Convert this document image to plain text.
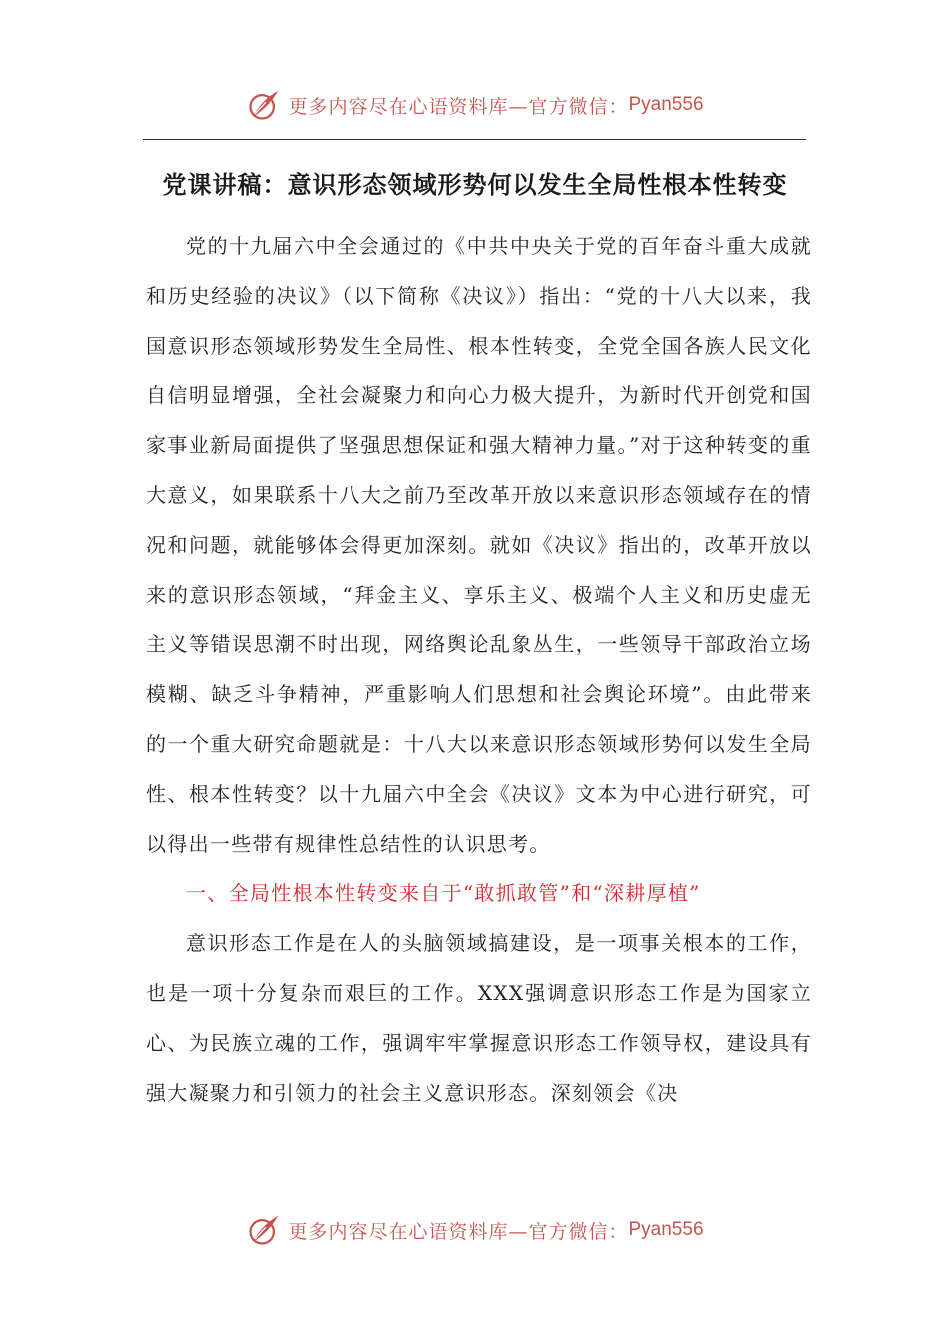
更多内容尽在心语资料库—官方微信： Pyan556
党课讲稿：意识形态领域形势何以发生全局性根本性转变

党的十九届六中全会通过的《中共中央关于党的百年奋斗重大成就和历史经验的决议》（以下简称《决议》）指出：“党的十八大以来，我国意识形态领域形势发生全局性、根本性转变，全党全国各族人民文化自信明显增强，全社会凝聚力和向心力极大提升，为新时代开创党和国家事业新局面提供了坚强思想保证和强大精神力量。”对于这种转变的重大意义，如果联系十八大之前乃至改革开放以来意识形态领域存在的情况和问题，就能够体会得更加深刻。就如《决议》指出的，改革开放以来的意识形态领域，“拜金主义、享乐主义、极端个人主义和历史虚无主义等错误思潮不时出现，网络舆论乱象丛生，一些领导干部政治立场模糊、缺乏斗争精神，严重影响人们思想和社会舆论环境”。由此带来的一个重大研究命题就是：十八大以来意识形态领域形势何以发生全局性、根本性转变？以十九届六中全会《决议》文本为中心进行研究，可以得出一些带有规律性总结性的认识思考。

一、全局性根本性转变来自于“敢抓敢管”和“深耕厚植”

意识形态工作是在人的头脑领域搞建设，是一项事关根本的工作，也是一项十分复杂而艰巨的工作。XXX强调意识形态工作是为国家立心、为民族立魂的工作，强调牢牢掌握意识形态工作领导权，建设具有强大凝聚力和引领力的社会主义意识形态。深刻领会《决

更多内容尽在心语资料库—官方微信： Pyan556
